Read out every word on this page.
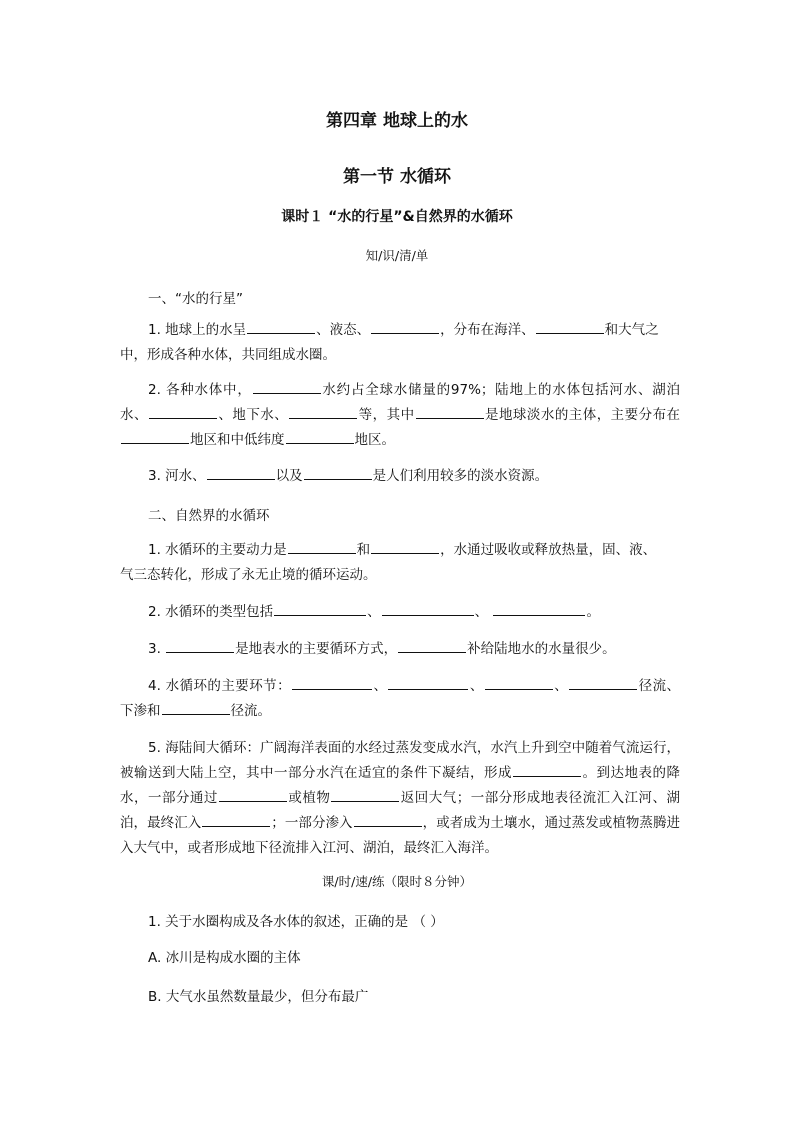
第四章 地球上的水
第一节 水循环
课时１ “水的行星”&自然界的水循环
知/识/清/单
一、“水的行星”

1. 地球上的水呈	、液态、	，分布在海洋、	和大气之

中，形成各种水体，共同组成水圈。

2. 各种水体中，	水约占全球水储量的97%；陆地上的水体包括河水、湖泊水、	、地下水、	等，其中	是地球淡水的主体，主要分布在地区和中低纬度	地区。

3. 河水、	以及	是人们利用较多的淡水资源。

二、自然界的水循环

1. 水循环的主要动力是	和	，水通过吸收或释放热量，固、液、

气三态转化，形成了永无止境的循环运动。

2. 水循环的类型包括	、	、	。

3.	是地表水的主要循环方式，	补给陆地水的水量很少。

4. 水循环的主要环节：	、	、	、	径流、下渗和	径流。

5. 海陆间大循环：广阔海洋表面的水经过蒸发变成水汽，水汽上升到空中随着气流运行，被输送到大陆上空，其中一部分水汽在适宜的条件下凝结，形成	。到达地表的降水，一部分通过	或植物	返回大气；一部分形成地表径流汇入江河、湖泊，最终汇入	；一部分渗入	，或者成为土壤水，通过蒸发或植物蒸腾进入大气中，或者形成地下径流排入江河、湖泊，最终汇入海洋。

课/时/速/练（限时８分钟）
1. 关于水圈构成及各水体的叙述，正确的是 （ ）
A. 冰川是构成水圈的主体
B. 大气水虽然数量最少，但分布最广
